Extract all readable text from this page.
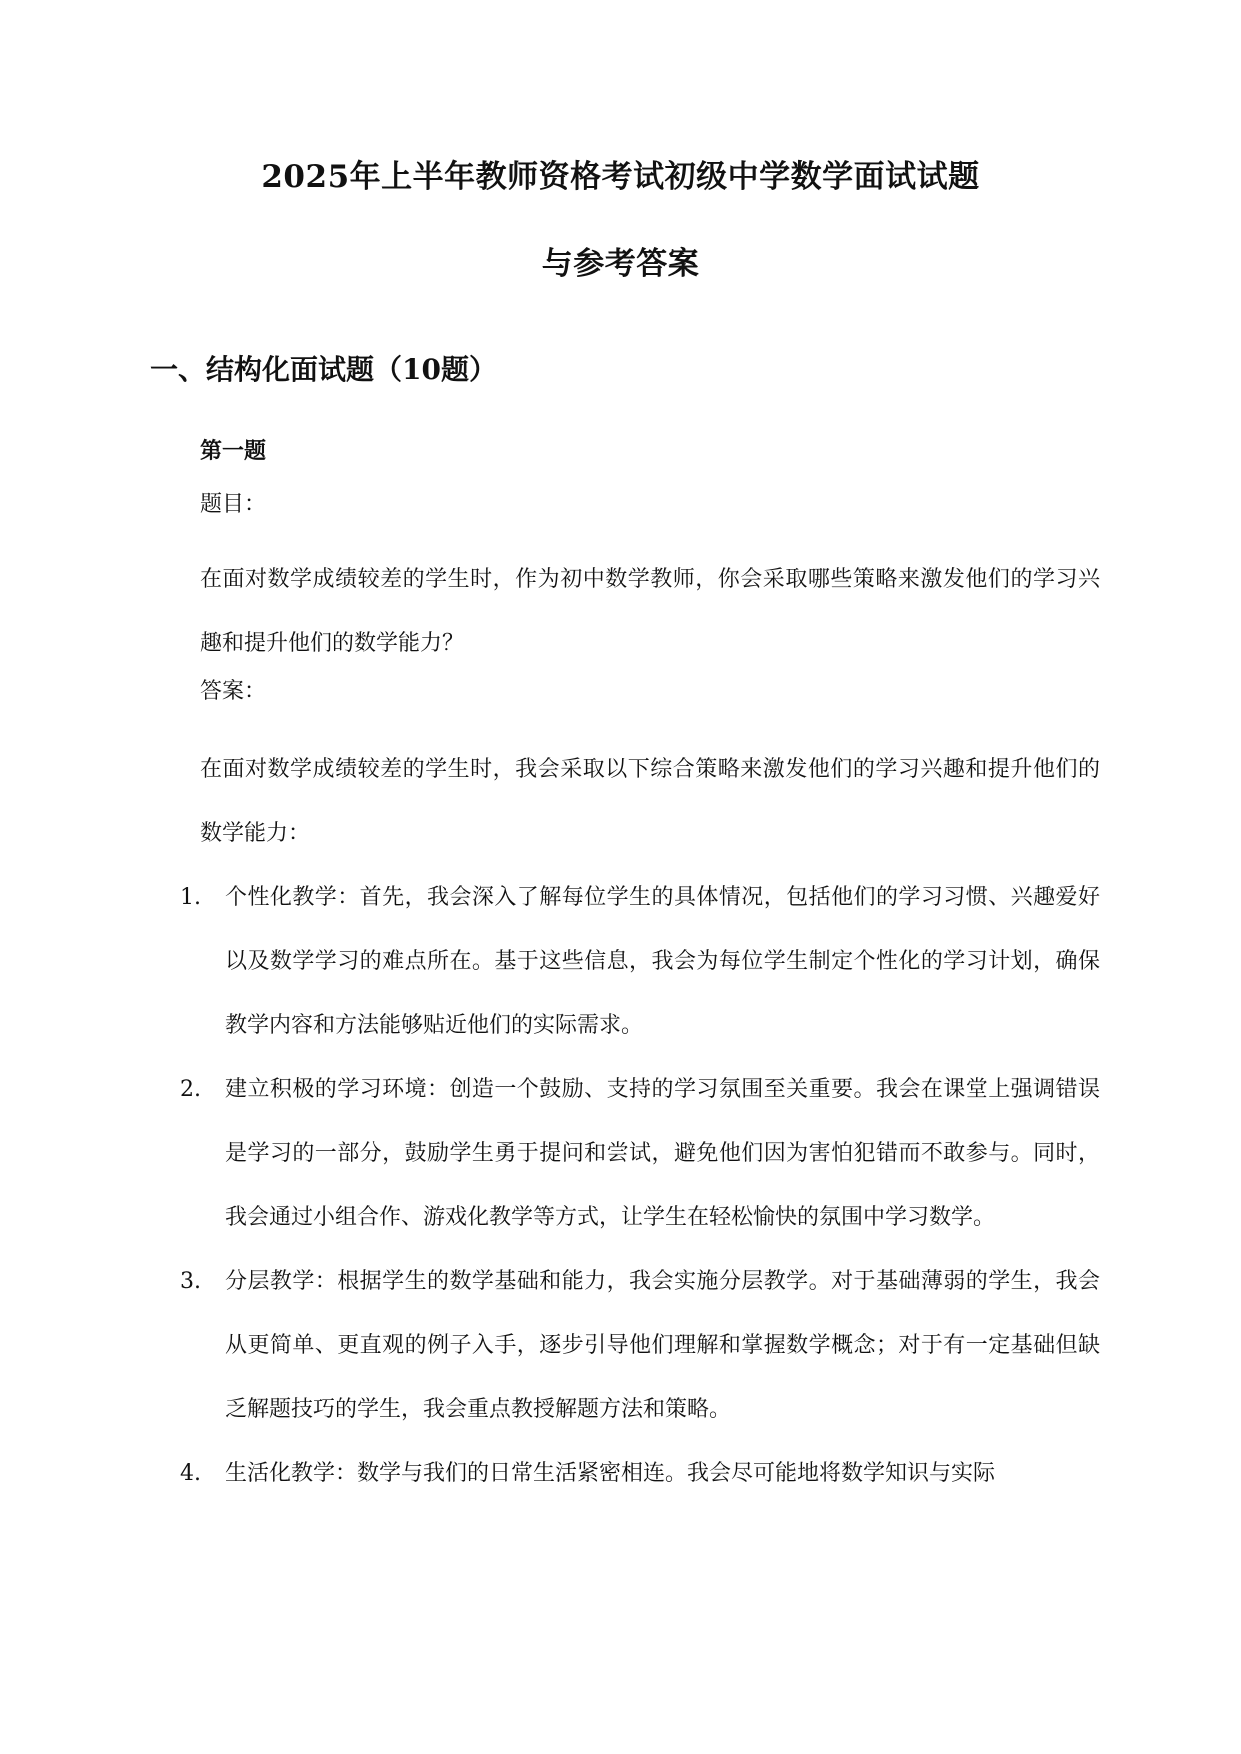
2025年上半年教师资格考试初级中学数学面试试题
与参考答案
一、结构化面试题（10题）
第一题
题目：
在面对数学成绩较差的学生时，作为初中数学教师，你会采取哪些策略来激发他们的学习兴趣和提升他们的数学能力？
答案：
在面对数学成绩较差的学生时，我会采取以下综合策略来激发他们的学习兴趣和提升他们的数学能力：
1.	个性化教学：首先，我会深入了解每位学生的具体情况，包括他们的学习习惯、兴趣爱好以及数学学习的难点所在。基于这些信息，我会为每位学生制定个性化的学习计划，确保教学内容和方法能够贴近他们的实际需求。
2.	建立积极的学习环境：创造一个鼓励、支持的学习氛围至关重要。我会在课堂上强调错误是学习的一部分，鼓励学生勇于提问和尝试，避免他们因为害怕犯错而不敢参与。同时，我会通过小组合作、游戏化教学等方式，让学生在轻松愉快的氛围中学习数学。
3.	分层教学：根据学生的数学基础和能力，我会实施分层教学。对于基础薄弱的学生，我会从更简单、更直观的例子入手，逐步引导他们理解和掌握数学概念；对于有一定基础但缺乏解题技巧的学生，我会重点教授解题方法和策略。
4.	生活化教学：数学与我们的日常生活紧密相连。我会尽可能地将数学知识与实际
